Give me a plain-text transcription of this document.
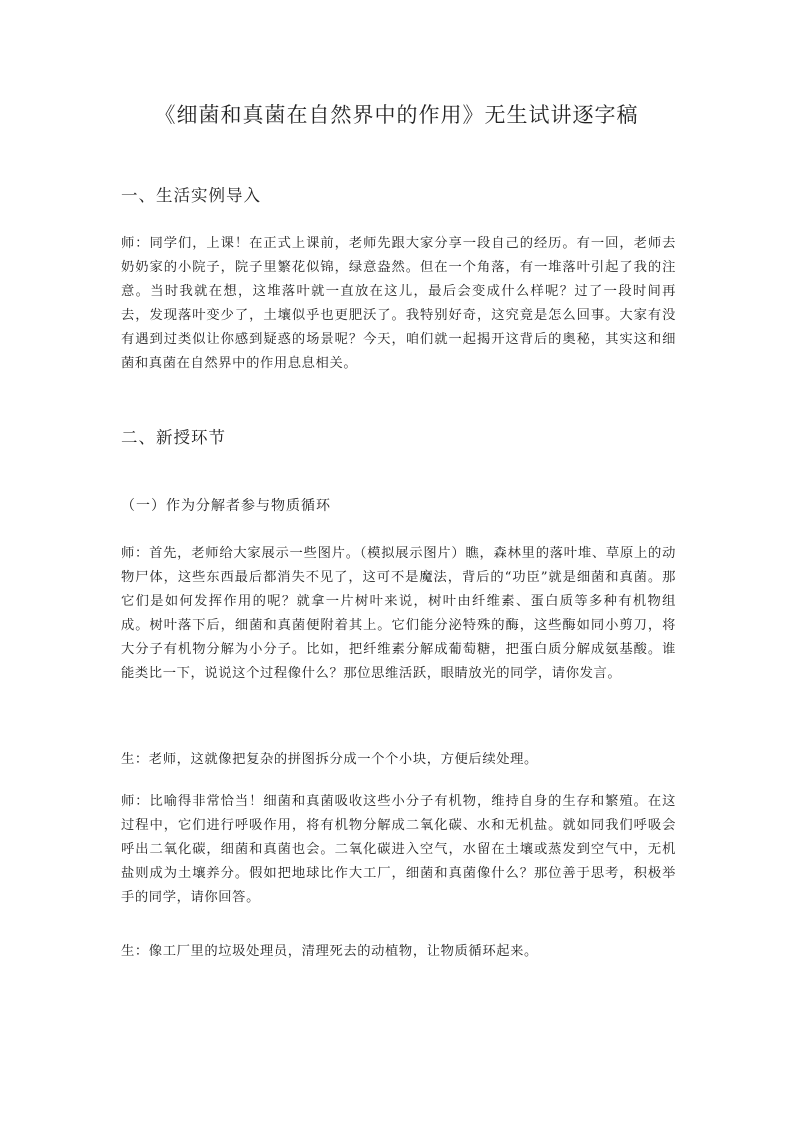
《细菌和真菌在自然界中的作用》无生试讲逐字稿
一、生活实例导入

师：同学们，上课！在正式上课前，老师先跟大家分享一段自己的经历。有一回，老师去奶奶家的小院子，院子里繁花似锦，绿意盎然。但在一个角落，有一堆落叶引起了我的注意。当时我就在想，这堆落叶就一直放在这儿，最后会变成什么样呢？过了一段时间再去，发现落叶变少了，土壤似乎也更肥沃了。我特别好奇，这究竟是怎么回事。大家有没有遇到过类似让你感到疑惑的场景呢？今天，咱们就一起揭开这背后的奥秘，其实这和细菌和真菌在自然界中的作用息息相关。

二、新授环节
（一）作为分解者参与物质循环

师：首先，老师给大家展示一些图片。（模拟展示图片）瞧，森林里的落叶堆、草原上的动物尸体，这些东西最后都消失不见了，这可不是魔法，背后的“功臣”就是细菌和真菌。那它们是如何发挥作用的呢？就拿一片树叶来说，树叶由纤维素、蛋白质等多种有机物组成。树叶落下后，细菌和真菌便附着其上。它们能分泌特殊的酶，这些酶如同小剪刀，将大分子有机物分解为小分子。比如，把纤维素分解成葡萄糖，把蛋白质分解成氨基酸。谁能类比一下，说说这个过程像什么？那位思维活跃，眼睛放光的同学，请你发言。

生：老师，这就像把复杂的拼图拆分成一个个小块，方便后续处理。

师：比喻得非常恰当！细菌和真菌吸收这些小分子有机物，维持自身的生存和繁殖。在这过程中，它们进行呼吸作用，将有机物分解成二氧化碳、水和无机盐。就如同我们呼吸会呼出二氧化碳，细菌和真菌也会。二氧化碳进入空气，水留在土壤或蒸发到空气中，无机盐则成为土壤养分。假如把地球比作大工厂，细菌和真菌像什么？那位善于思考，积极举手的同学，请你回答。

生：像工厂里的垃圾处理员，清理死去的动植物，让物质循环起来。
